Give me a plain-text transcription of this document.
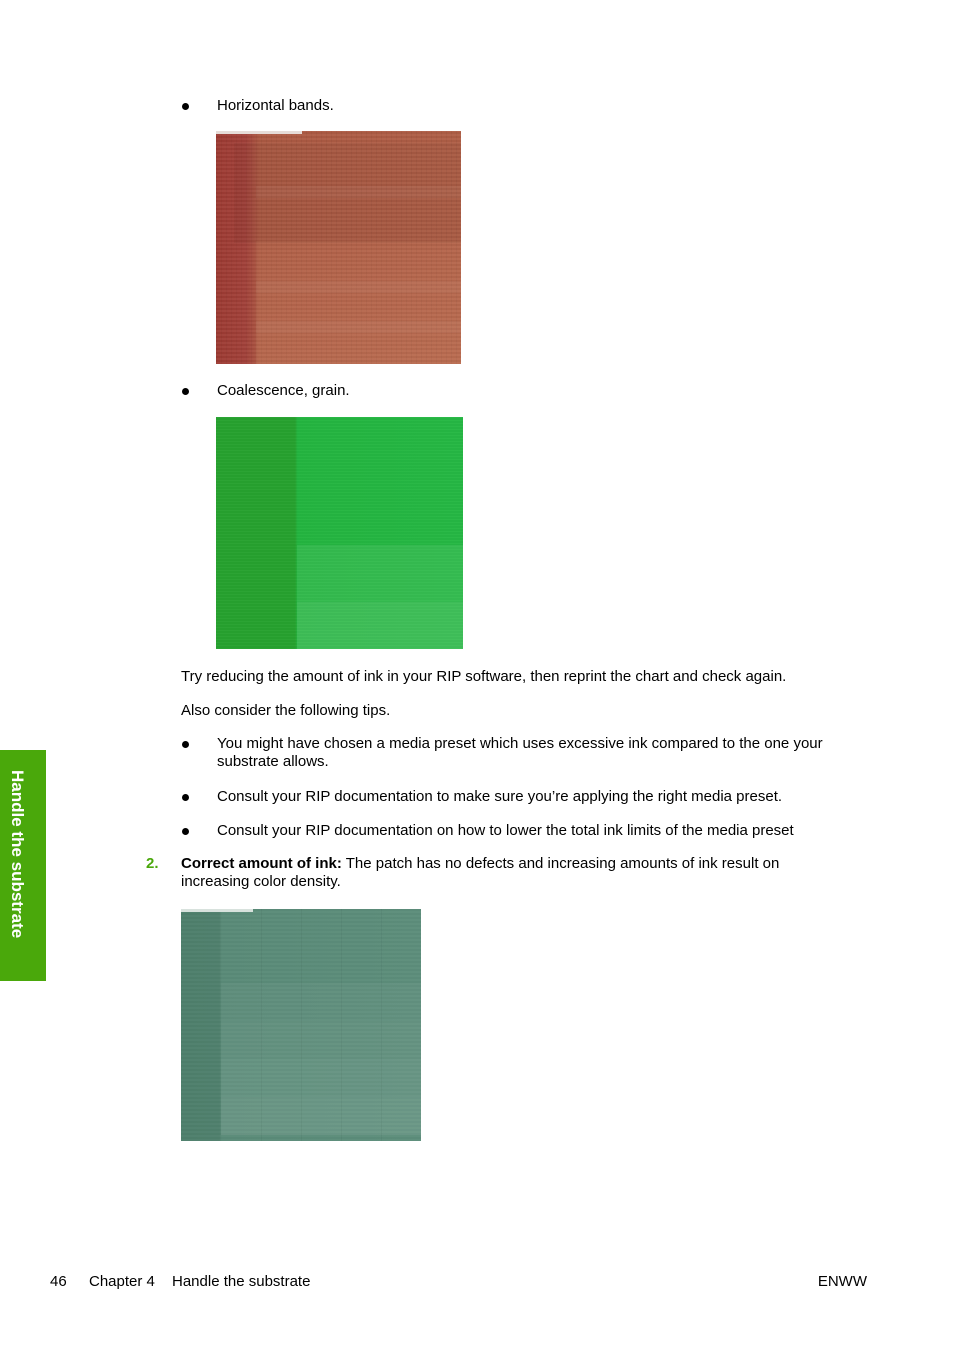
Horizontal bands.
Coalescence, grain.

Try reducing the amount of ink in your RIP software, then reprint the chart and check again.

Also consider the following tips.

You might have chosen a media preset which uses excessive ink compared to the one your substrate allows.
Consult your RIP documentation to make sure you’re applying the right media preset.
Consult your RIP documentation on how to lower the total ink limits of the media preset
2. Correct amount of ink: The patch has no defects and increasing amounts of ink result on increasing color density.
Handle the substrate
46 Chapter 4 Handle the substrate	ENWW
